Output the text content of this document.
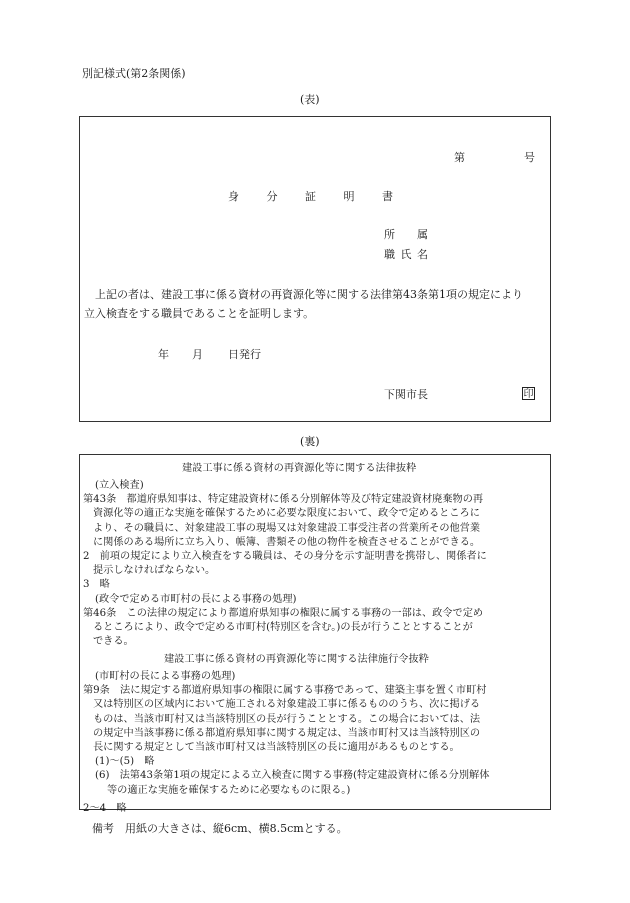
別記様式(第2条関係)
(表)
第	号
身分証明書
所属
職氏名
上記の者は、建設工事に係る資材の再資源化等に関する法律第43条第1項の規定により
立入検査をする職員であることを証明します。
年 月 日発行
下関市長	印
(裏)
建設工事に係る資材の再資源化等に関する法律抜粋
(立入検査)
第43条　都道府県知事は、特定建設資材に係る分別解体等及び特定建設資材廃棄物の再
資源化等の適正な実施を確保するために必要な限度において、政令で定めるところに
より、その職員に、対象建設工事の現場又は対象建設工事受注者の営業所その他営業
に関係のある場所に立ち入り、帳簿、書類その他の物件を検査させることができる。
2　前項の規定により立入検査をする職員は、その身分を示す証明書を携帯し、関係者に
提示しなければならない。
3　略
(政令で定める市町村の長による事務の処理)
第46条　この法律の規定により都道府県知事の権限に属する事務の一部は、政令で定め
るところにより、政令で定める市町村(特別区を含む。)の長が行うこととすることが
できる。
建設工事に係る資材の再資源化等に関する法律施行令抜粋
(市町村の長による事務の処理)
第9条　法に規定する都道府県知事の権限に属する事務であって、建築主事を置く市町村
又は特別区の区域内において施工される対象建設工事に係るもののうち、次に掲げる
ものは、当該市町村又は当該特別区の長が行うこととする。この場合においては、法
の規定中当該事務に係る都道府県知事に関する規定は、当該市町村又は当該特別区の
長に関する規定として当該市町村又は当該特別区の長に適用があるものとする。
(1)～(5)　略
(6)　法第43条第1項の規定による立入検査に関する事務(特定建設資材に係る分別解体
等の適正な実施を確保するために必要なものに限る。)
2～4　略
備考　用紙の大きさは、縦6cm、横8.5cmとする。
